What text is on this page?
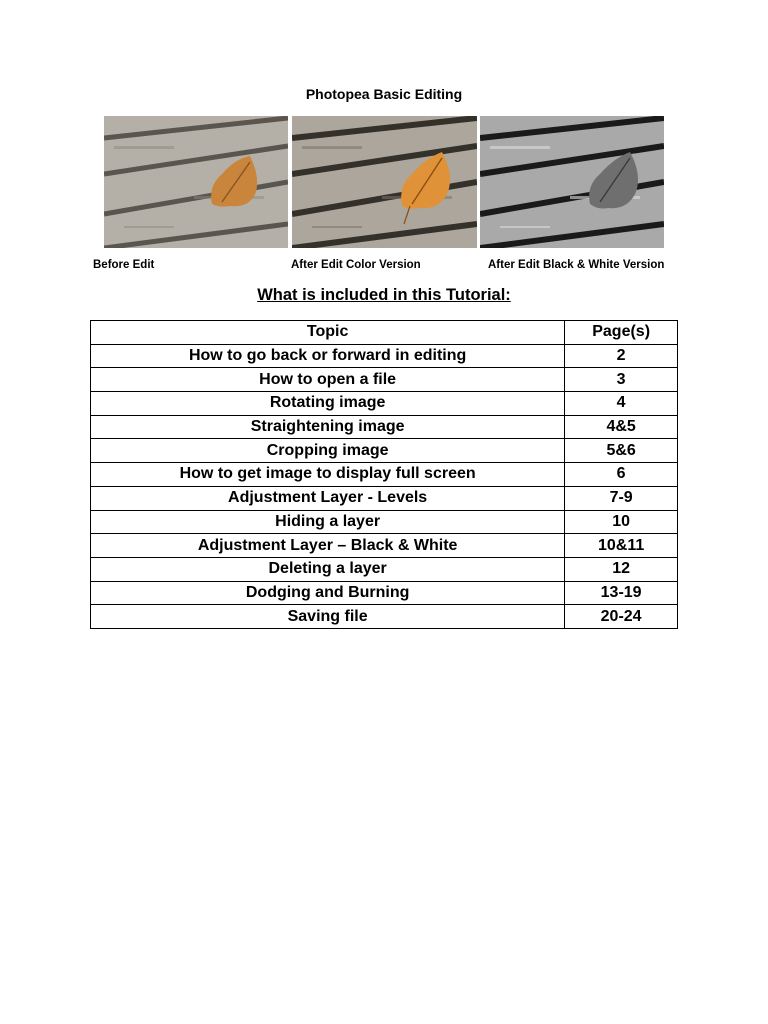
Photopea Basic Editing
Before Edit	After Edit Color Version	After Edit Black & White Version
What is included in this Tutorial:
Topic	Page(s)
How to go back or forward in editing	2
How to open a file	3
Rotating image	4
Straightening image	4&5
Cropping image	5&6
How to get image to display full screen	6
Adjustment Layer - Levels	7-9
Hiding a layer	10
Adjustment Layer – Black & White	10&11
Deleting a layer	12
Dodging and Burning	13-19
Saving file	20-24
